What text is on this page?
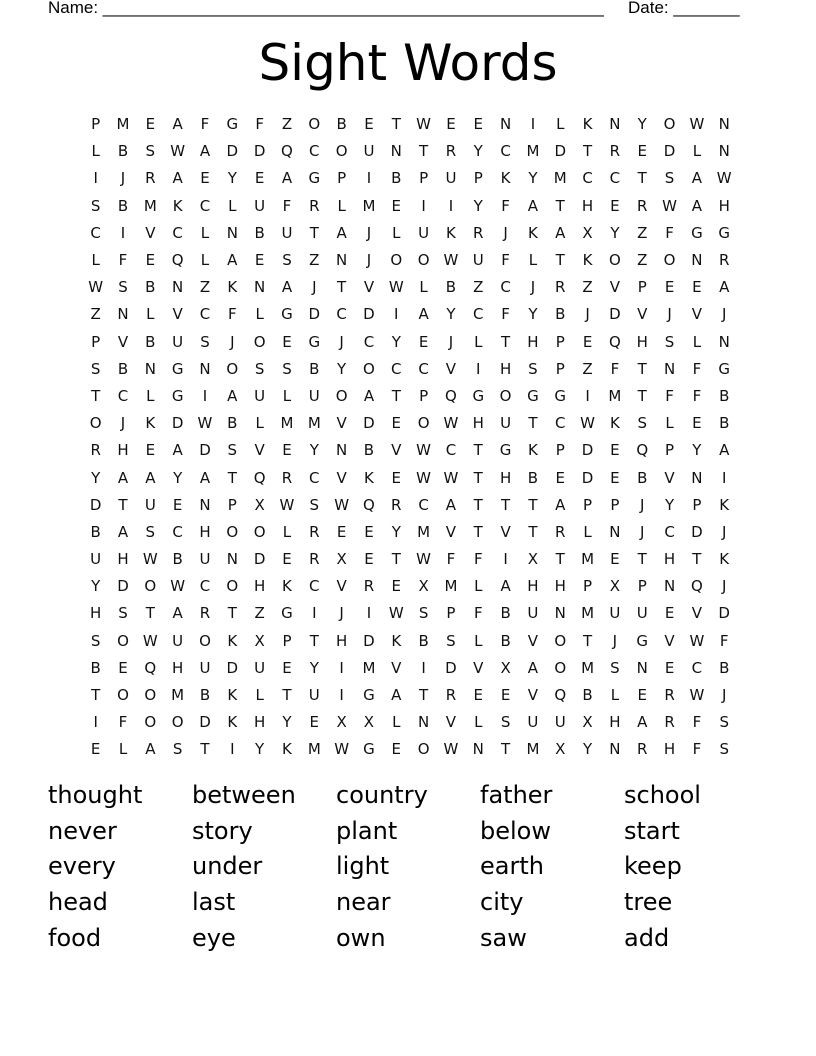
Name: _____________________________________________________ Date: _______
Sight Words
P	M	E	A	F	G	F	Z	O	B	E	T	W	E	E	N	I	L	K	N	Y	O W N
L	B	S	W A	D	D	Q	C	O	U	N	T	R	Y	C	M	D	T	R	E	D	L	N
I	J	R	A	E	Y	E	A	G	P	I	B	P	U	P	K	Y	M	C	C	T	S	A W
S	B	M	K	C	L	U	F	R	L	M	E	I	I	Y	F	A	T	H	E	R W A	H
C	I	V	C	L	N	B	U	T	A	J	L	U	K	R	J	K	A	X	Y	Z	F	G	G
L	F	E	Q	L	A	E	S	Z	N	J	O	O W U	F	L	T	K	O	Z	O	N	R
W	S	B	N	Z	K	N	A	J	T	V W	L	B	Z	C	J	R	Z	V	P	E	E	A
Z	N	L	V	C	F	L	G	D	C	D	I	A	Y	C	F	Y	B	J	D	V	J	V	J
P	V	B	U	S	J	O	E	G	J	C	Y	E	J	L	T	H	P	E	Q	H	S	L	N
S	B	N	G	N	O	S	S	B	Y	O	C	C	V	I	H	S	P	Z	F	T	N	F	G
T	C	L	G	I	A	U	L	U	O	A	T	P	Q	G	O	G	G	I	M	T	F	F	B
O	J	K	D W B	L	M M	V	D	E	O W H	U	T	C W K	S	L	E	B
R	H	E	A	D	S	V	E	Y	N	B	V W C	T	G	K	P	D	E	Q	P	Y	A
Y	A	A	Y	A	T	Q	R	C	V	K	E	W W	T	H	B	E	D	E	B	V	N	I
D	T	U	E	N	P	X W	S	W Q	R	C	A	T	T	T	A	P	P	J	Y	P	K
B	A	S	C	H	O	O	L	R	E	E	Y	M	V	T	V	T	R	L	N	J	C	D	J
U	H W B	U	N	D	E	R	X	E	T	W	F	F	I	X	T	M	E	T	H	T	K
Y	D	O W C	O	H	K	C	V	R	E	X	M	L	A	H	H	P	X	P	N	Q	J
H	S	T	A	R	T	Z	G	I	J	I	W	S	P	F	B	U	N	M	U	U	E	V	D
S	O W U	O	K	X	P	T	H	D	K	B	S	L	B	V	O	T	J	G	V W	F
B	E	Q	H	U	D	U	E	Y	I	M	V	I	D	V	X	A	O M	S	N	E	C	B
T	O	O M	B	K	L	T	U	I	G	A	T	R	E	E	V	Q	B	L	E	R W	J
I	F	O	O	D	K	H	Y	E	X	X	L	N	V	L	S	U	U	X	H	A	R	F	S
E	L	A	S	T	I	Y	K	M W G	E	O W N	T	M	X	Y	N	R	H	F	S
thought	between	country	father	school
never	story	plant	below	start
every	under	light	earth	keep
head	last	near	city	tree
food	eye	own	saw	add
